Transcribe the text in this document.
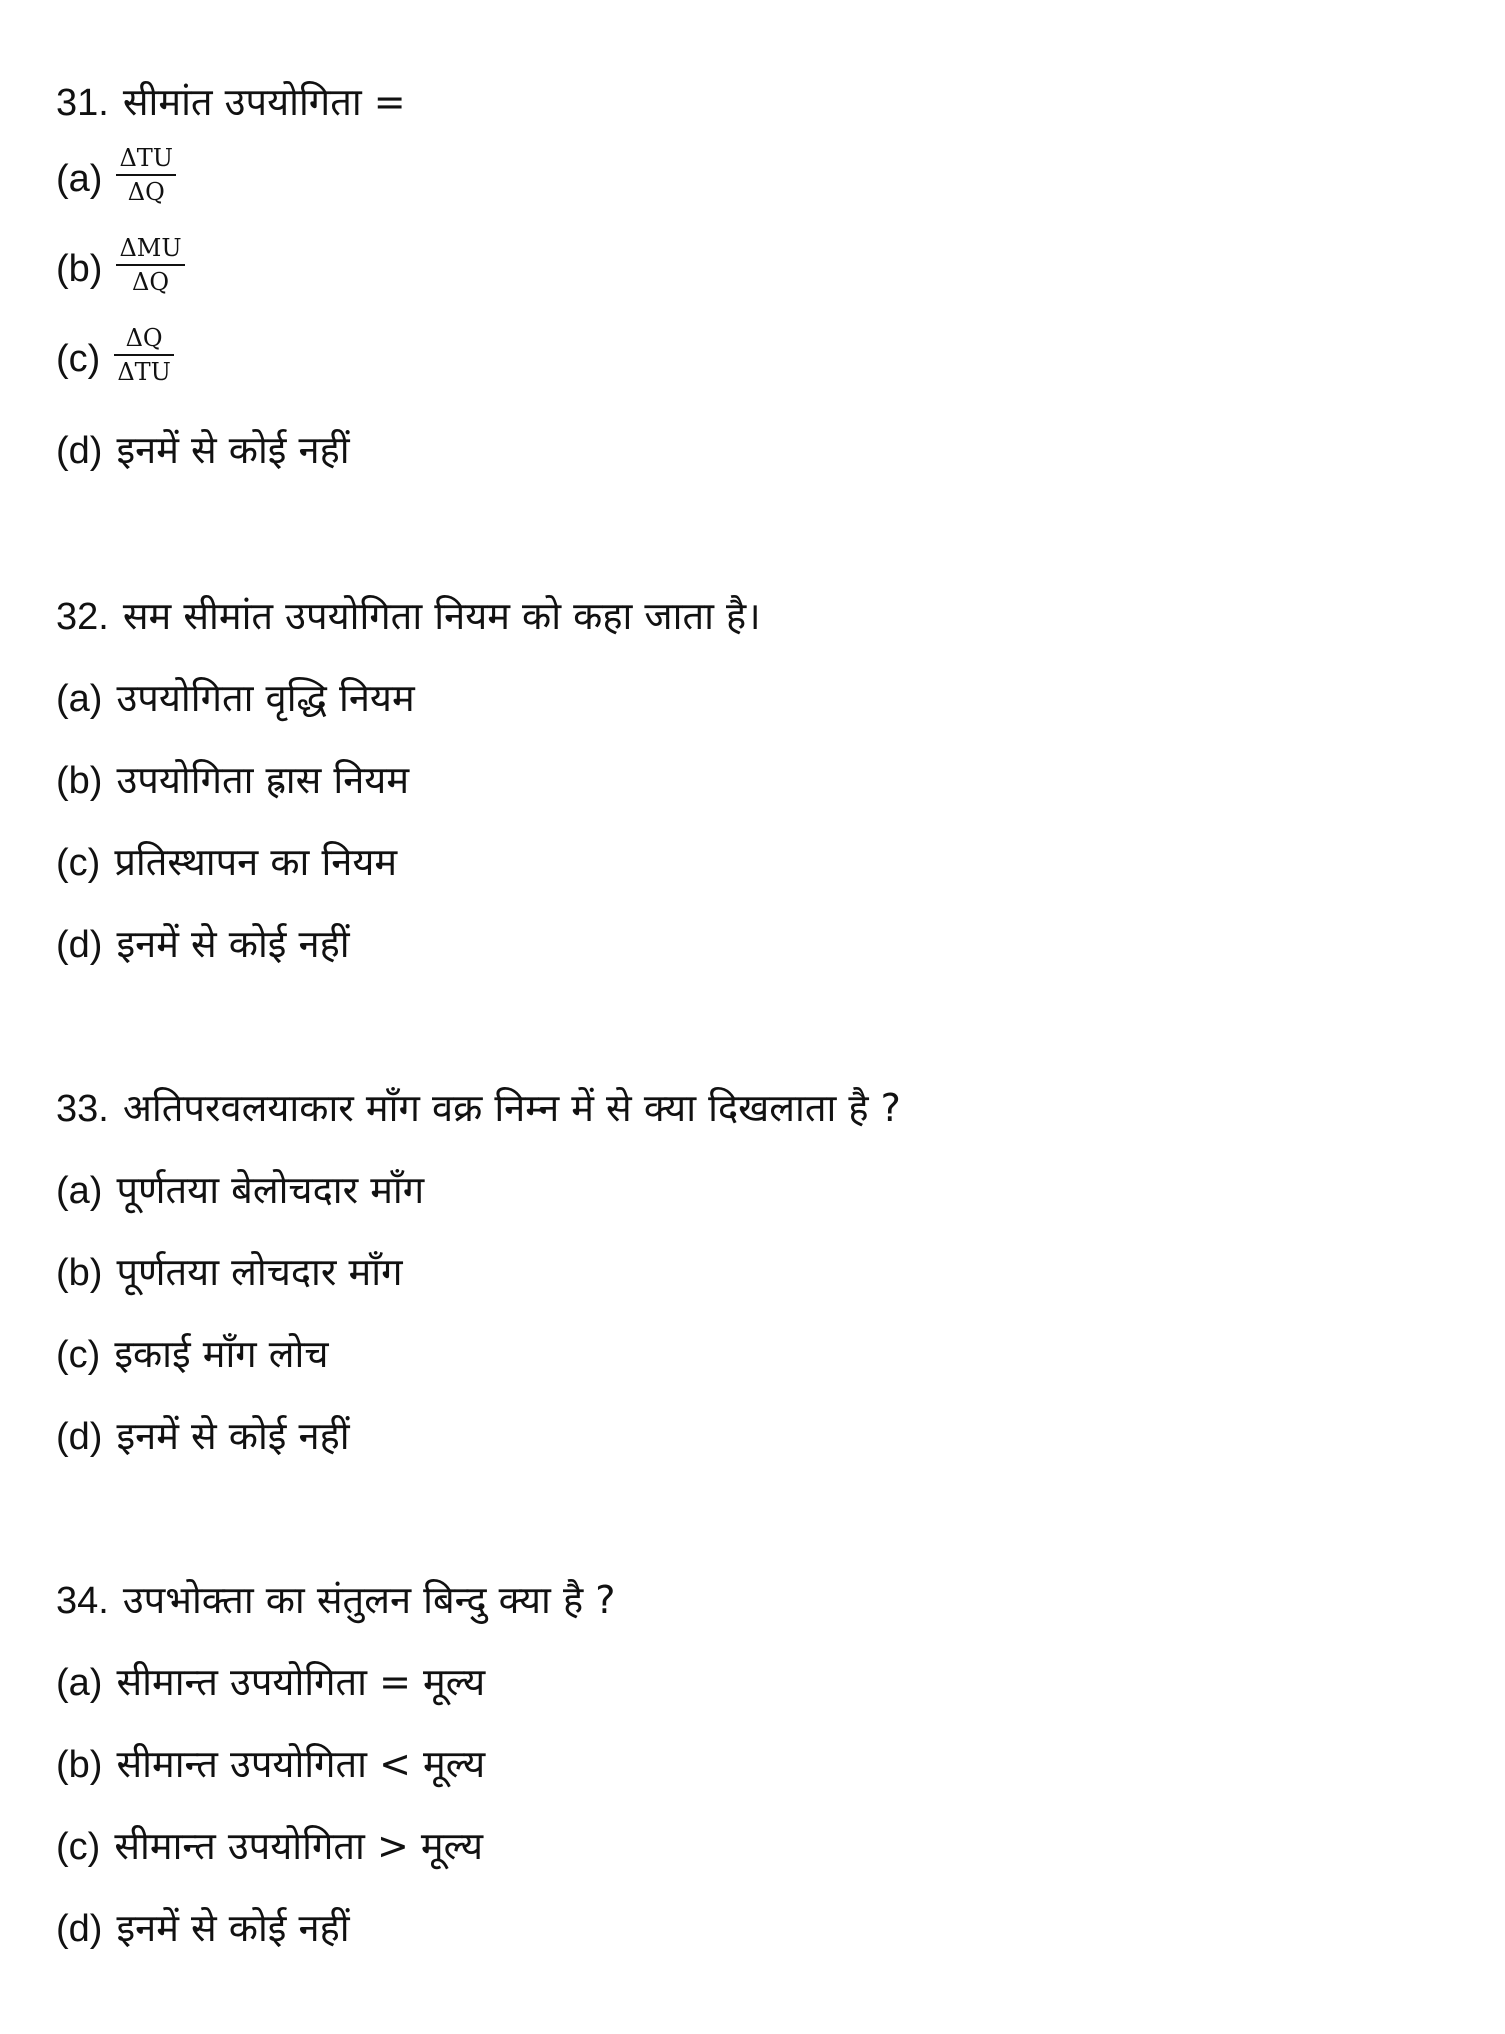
31. सीमांत उपयोगिता =
$(a) \frac{\text{ΔTU}}{\Delta Q}$
$(b) \frac{\text{ΔMU}}{\Delta Q}$
$(c) \frac{\Delta Q}{\text{ΔTU}}$
(d) इनमें से कोई नहीं
32. सम सीमांत उपयोगिता नियम को कहा जाता है।
(a) उपयोगिता वृद्धि नियम
(b) उपयोगिता ह्रास नियम
(c) प्रतिस्थापन का नियम
(d) इनमें से कोई नहीं
33. अतिपरवलयाकार माँग वक्र निम्न में से क्या दिखलाता है ?
(a) पूर्णतया बेलोचदार माँग
(b) पूर्णतया लोचदार माँग
(c) इकाई माँग लोच
(d) इनमें से कोई नहीं
34. उपभोक्ता का संतुलन बिन्दु क्या है ?
(a) सीमान्त उपयोगिता = मूल्य
(b) सीमान्त उपयोगिता < मूल्य
(c) सीमान्त उपयोगिता > मूल्य
(d) इनमें से कोई नहीं
